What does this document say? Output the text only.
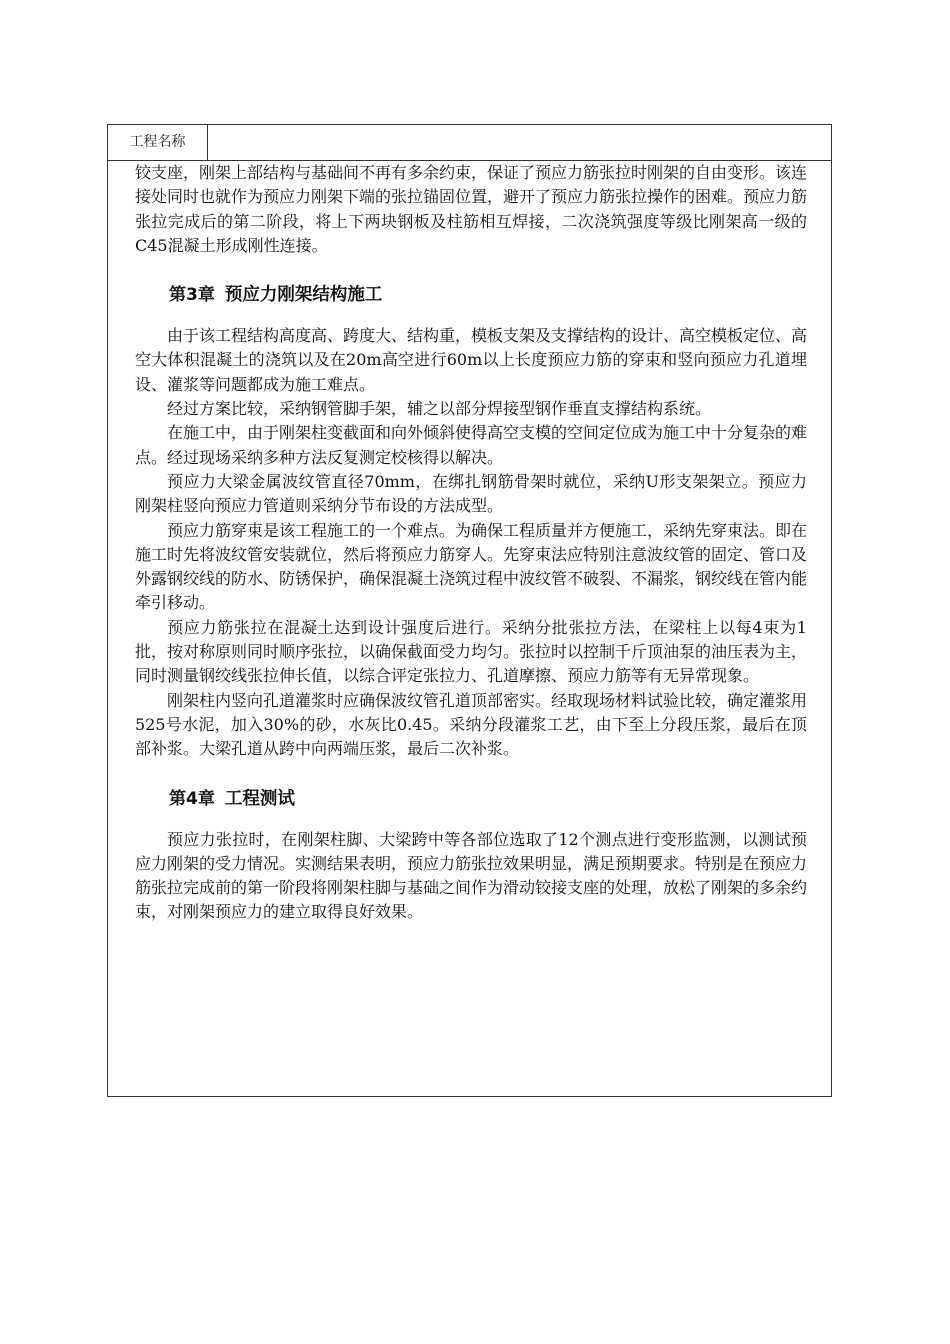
工程名称

铰支座，刚架上部结构与基础间不再有多余约束，保证了预应力筋张拉时刚架的自由变形。该连接处同时也就作为预应力刚架下端的张拉锚固位置，避开了预应力筋张拉操作的困难。预应力筋张拉完成后的第二阶段，将上下两块钢板及柱筋相互焊接，二次浇筑强度等级比刚架高一级的C45混凝土形成刚性连接。

第3章 预应力刚架结构施工

由于该工程结构高度高、跨度大、结构重，模板支架及支撑结构的设计、高空模板定位、高空大体积混凝土的浇筑以及在20m高空进行60m以上长度预应力筋的穿束和竖向预应力孔道埋设、灌浆等问题都成为施工难点。

经过方案比较，采纳钢管脚手架，辅之以部分焊接型钢作垂直支撑结构系统。

在施工中，由于刚架柱变截面和向外倾斜使得高空支模的空间定位成为施工中十分复杂的难点。经过现场采纳多种方法反复测定校核得以解决。

预应力大梁金属波纹管直径70mm，在绑扎钢筋骨架时就位，采纳U形支架架立。预应力刚架柱竖向预应力管道则采纳分节布设的方法成型。

预应力筋穿束是该工程施工的一个难点。为确保工程质量并方便施工，采纳先穿束法。即在施工时先将波纹管安装就位，然后将预应力筋穿人。先穿束法应特别注意波纹管的固定、管口及外露钢绞线的防水、防锈保护，确保混凝土浇筑过程中波纹管不破裂、不漏浆，钢绞线在管内能牵引移动。

预应力筋张拉在混凝土达到设计强度后进行。采纳分批张拉方法，在梁柱上以每4束为1批，按对称原则同时顺序张拉，以确保截面受力均匀。张拉时以控制千斤顶油泵的油压表为主，同时测量钢绞线张拉伸长值，以综合评定张拉力、孔道摩擦、预应力筋等有无异常现象。

刚架柱内竖向孔道灌浆时应确保波纹管孔道顶部密实。经取现场材料试验比较，确定灌浆用525号水泥，加入30%的砂，水灰比0.45。采纳分段灌浆工艺，由下至上分段压浆，最后在顶部补浆。大梁孔道从跨中向两端压浆，最后二次补浆。

第4章 工程测试

预应力张拉时，在刚架柱脚、大梁跨中等各部位选取了12个测点进行变形监测，以测试预应力刚架的受力情况。实测结果表明，预应力筋张拉效果明显，满足预期要求。特别是在预应力筋张拉完成前的第一阶段将刚架柱脚与基础之间作为滑动铰接支座的处理，放松了刚架的多余约束，对刚架预应力的建立取得良好效果。
